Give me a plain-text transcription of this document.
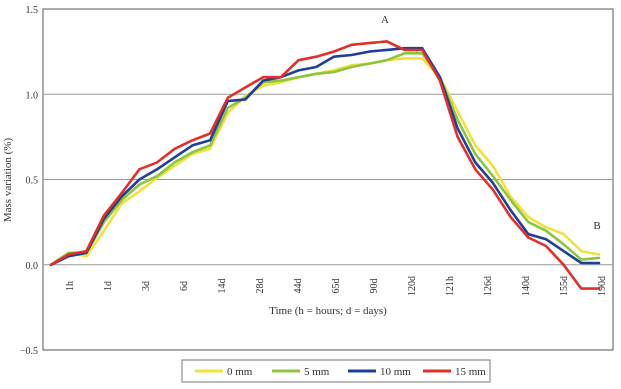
−0.5
0.0
0.5
1.0
1.5
1h	1d	3d	6d	14d	28d	44d	65d	90d	120d	121h	126d	140d	155d	190d
A
B
Mass variation (%)
Time (h = hours; d = days)
0 mm	5 mm	10 mm	15 mm
